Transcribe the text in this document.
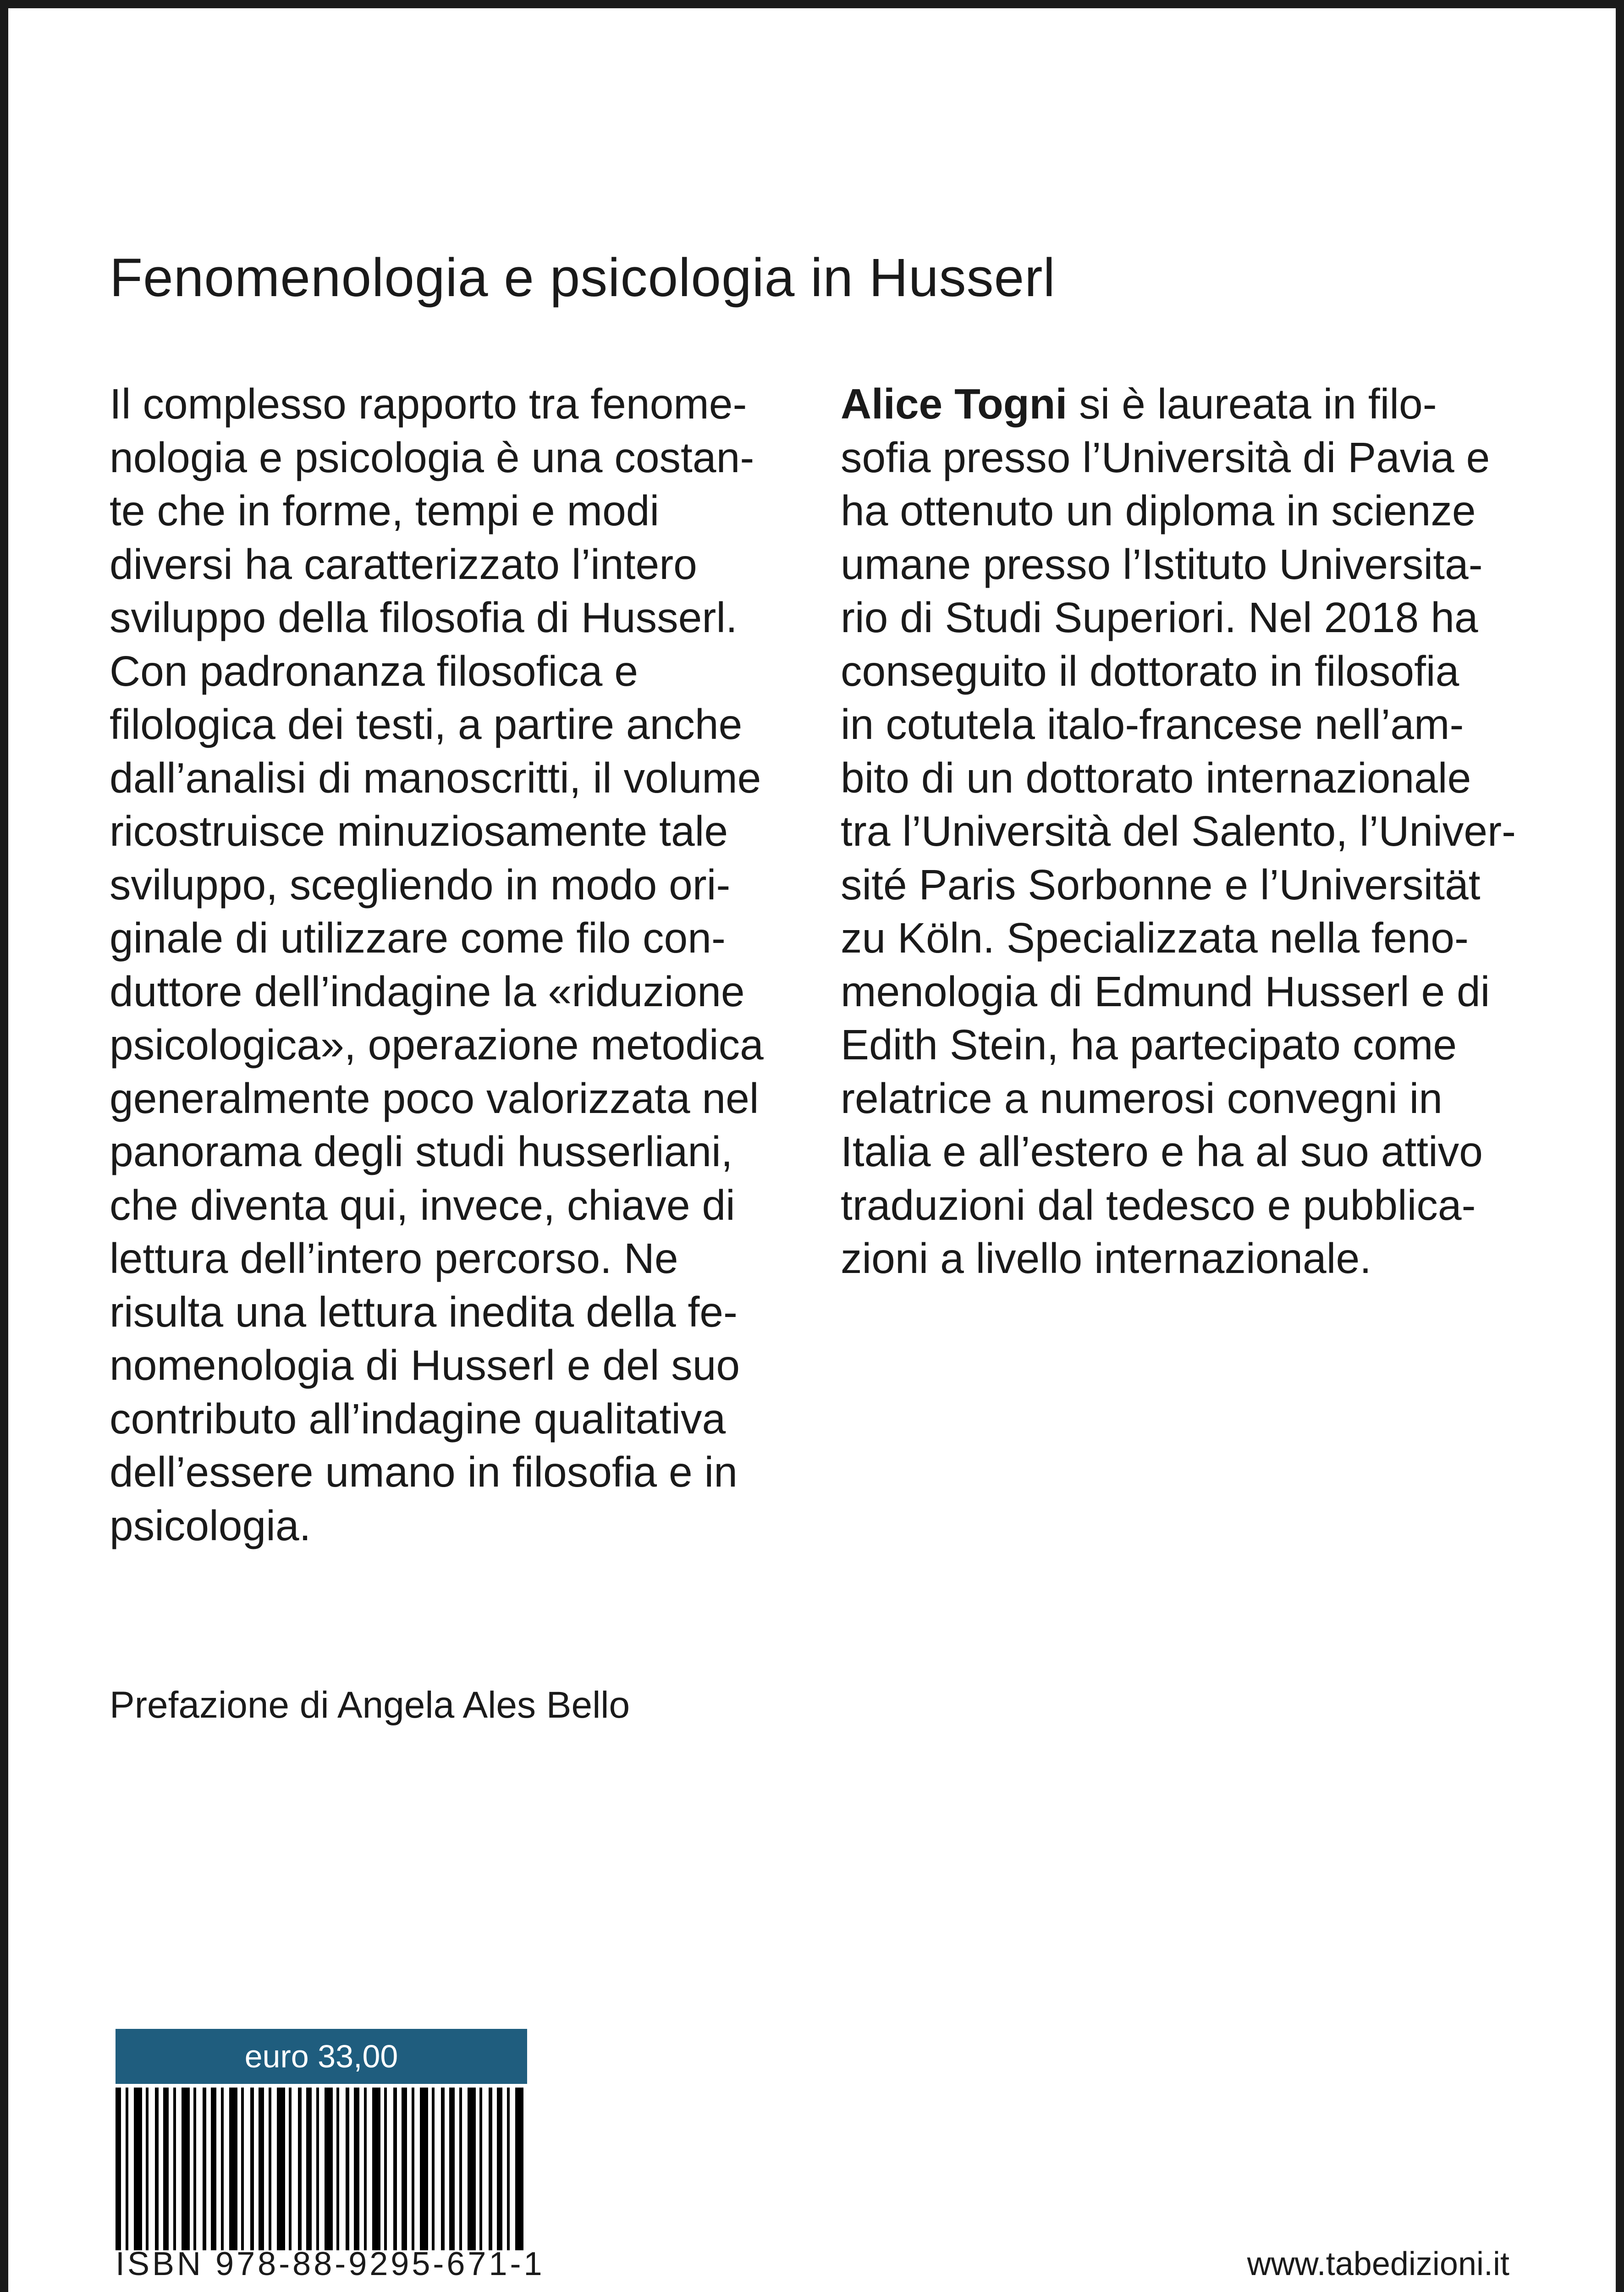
Fenomenologia e psicologia in Husserl
Il complesso rapporto tra fenome-
nologia e psicologia è una costan-
te che in forme, tempi e modi
diversi ha caratterizzato l’intero
sviluppo della filosofia di Husserl.
Con padronanza filosofica e
filologica dei testi, a partire anche
dall’analisi di manoscritti, il volume
ricostruisce minuziosamente tale
sviluppo, scegliendo in modo ori-
ginale di utilizzare come filo con-
duttore dell’indagine la «riduzione
psicologica», operazione metodica
generalmente poco valorizzata nel
panorama degli studi husserliani,
che diventa qui, invece, chiave di
lettura dell’intero percorso. Ne
risulta una lettura inedita della fe-
nomenologia di Husserl e del suo
contributo all’indagine qualitativa
dell’essere umano in filosofia e in
psicologia.
Alice Togni si è laureata in filo-
sofia presso l’Università di Pavia e
ha ottenuto un diploma in scienze
umane presso l’Istituto Universita-
rio di Studi Superiori. Nel 2018 ha
conseguito il dottorato in filosofia
in cotutela italo-francese nell’am-
bito di un dottorato internazionale
tra l’Università del Salento, l’Univer-
sité Paris Sorbonne e l’Universität
zu Köln. Specializzata nella feno-
menologia di Edmund Husserl e di
Edith Stein, ha partecipato come
relatrice a numerosi convegni in
Italia e all’estero e ha al suo attivo
traduzioni dal tedesco e pubblica-
zioni a livello internazionale.
Prefazione di Angela Ales Bello
euro 33,00
ISBN 978-88-9295-671-1	www.tabedizioni.it
